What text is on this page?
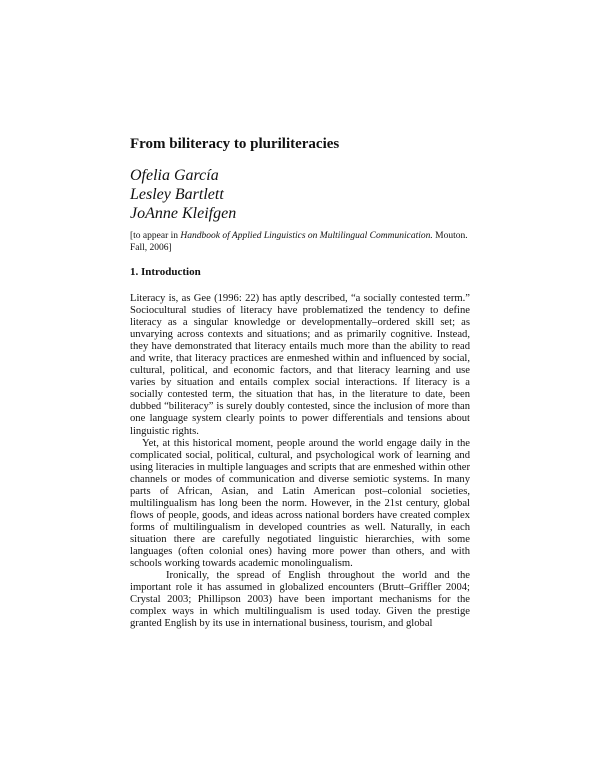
From biliteracy to pluriliteracies
Ofelia García
Lesley Bartlett
JoAnne Kleifgen

[to appear in Handbook of Applied Linguistics on Multilingual Communication. Mouton. Fall, 2006]

1. Introduction

Literacy is, as Gee (1996: 22) has aptly described, “a socially contested term.” Sociocultural studies of literacy have problematized the tendency to define literacy as a singular knowledge or developmentally–ordered skill set; as unvarying across contexts and situations; and as primarily cognitive. Instead, they have demonstrated that literacy entails much more than the ability to read and write, that literacy practices are enmeshed within and influenced by social, cultural, political, and economic factors, and that literacy learning and use varies by situation and entails complex social interactions. If literacy is a socially contested term, the situation that has, in the literature to date, been dubbed “biliteracy” is surely doubly contested, since the inclusion of more than one language system clearly points to power differentials and tensions about linguistic rights.

Yet, at this historical moment, people around the world engage daily in the complicated social, political, cultural, and psychological work of learning and using literacies in multiple languages and scripts that are enmeshed within other channels or modes of communication and diverse semiotic systems. In many parts of African, Asian, and Latin American post–colonial societies, multilingualism has long been the norm. However, in the 21st century, global flows of people, goods, and ideas across national borders have created complex forms of multilingualism in developed countries as well. Naturally, in each situation there are carefully negotiated linguistic hierarchies, with some languages (often colonial ones) having more power than others, and with schools working towards academic monolingualism.

Ironically, the spread of English throughout the world and the important role it has assumed in globalized encounters (Brutt–Griffler 2004; Crystal 2003; Phillipson 2003) have been important mechanisms for the complex ways in which multilingualism is used today. Given the prestige granted English by its use in international business, tourism, and global
